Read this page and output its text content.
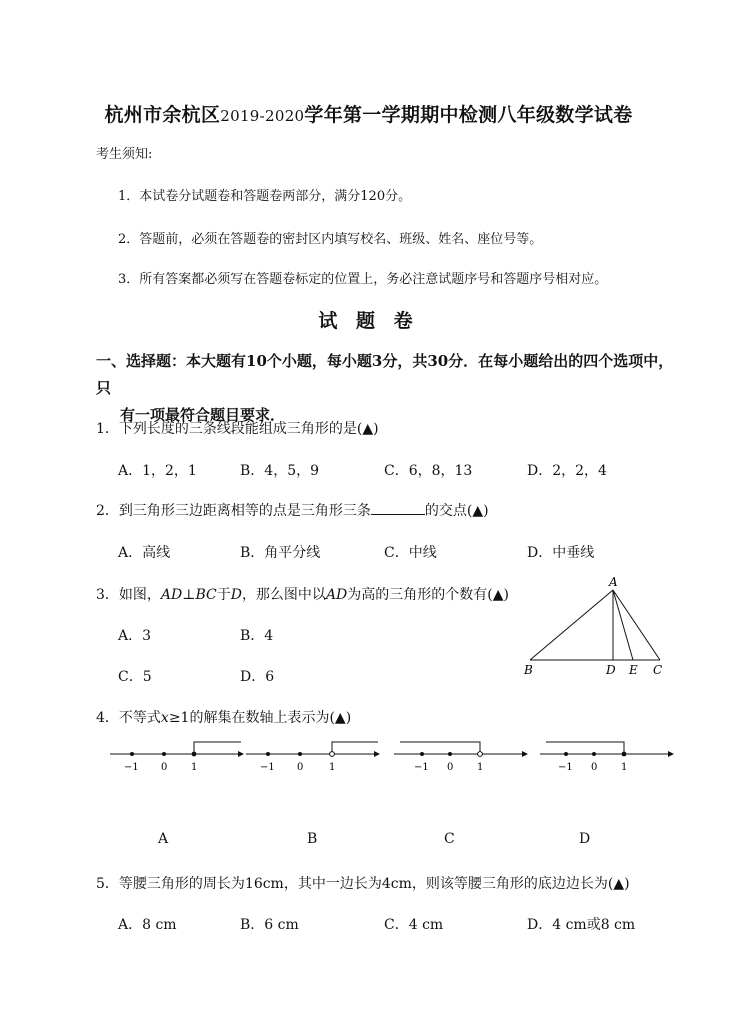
杭州市余杭区2019-2020学年第一学期期中检测八年级数学试卷
考生须知:
1．本试卷分试题卷和答题卷两部分，满分120分。
2．答题前，必须在答题卷的密封区内填写校名、班级、姓名、座位号等。
3．所有答案都必须写在答题卷标定的位置上，务必注意试题序号和答题序号相对应。
试 题 卷
一、选择题：本大题有10个小题，每小题3分，共30分．在每小题给出的四个选项中，只
有一项最符合题目要求．
1．下列长度的三条线段能组成三角形的是(▲)
A．1，2，1	B．4，5，9	C．6，8，13	D．2，2，4
2．到三角形三边距离相等的点是三角形三条	的交点(▲)
A．高线	B．角平分线	C．中线	D．中垂线
3．如图，AD⊥BC于D，那么图中以AD为高的三角形的个数有(▲)
A．3	B．4
C．5	D．6
A
B	D E C
4．不等式x≥1的解集在数轴上表示为(▲)
−1 0 1	−1 0	1	−1 0 1	−1 0 1
A	B	C	D
5．等腰三角形的周长为16cm，其中一边长为4cm，则该等腰三角形的底边边长为(▲)
A．8 cm	B．6 cm	C．4 cm	D．4 cm或8 cm
